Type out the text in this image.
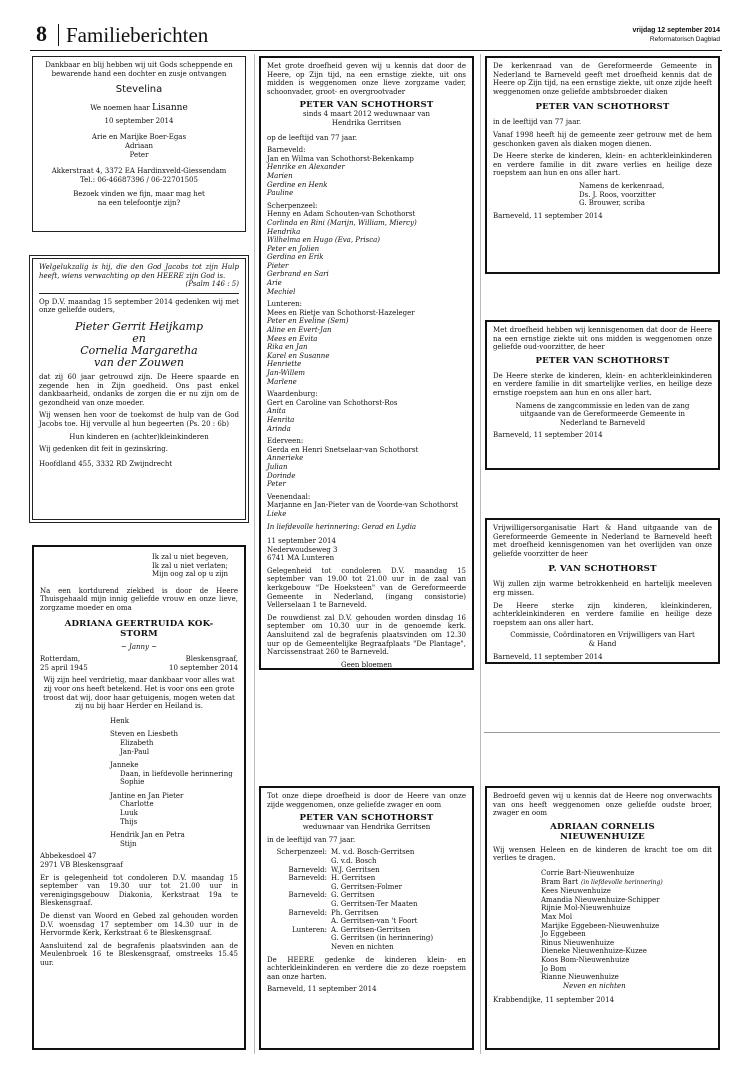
8 Familieberichten	vrijdag 12 september 2014
Reformatorisch Dagblad
Dankbaar en blij hebben wij uit Gods scheppende en bewarende hand een dochter en zusje ontvangen
Stevelina
We noemen haar Lisanne
10 september 2014
Arie en Marijke Boer-Egas
Adriaan
Peter
Akkerstraat 4, 3372 EA Hardinxveld-Giessendam
Tel.: 06-46687396 / 06-22701505
Bezoek vinden we fijn, maar mag het na een telefoontje zijn?
Welgelukzalig is hij, die den God Jacobs tot zijn Hulp heeft, wiens verwachting op den HEERE zijn God is.
(Psalm 146 : 5)
Op D.V. maandag 15 september 2014 gedenken wij met onze geliefde ouders,
Pieter Gerrit Heijkamp
en
Cornelia Margaretha
van der Zouwen
dat zij 60 jaar getrouwd zijn. De Heere spaarde en zegende hen in Zijn goedheid. Ons past enkel dankbaarheid, ondanks de zorgen die er nu zijn om de gezondheid van onze moeder.
Wij wensen hen voor de toekomst de hulp van de God Jacobs toe. Hij vervulle al hun begeerten (Ps. 20 : 6b)
Hun kinderen en (achter)kleinkinderen
Wij gedenken dit feit in gezinskring.
Hoofdland 455, 3332 RD Zwijndrecht
Ik zal u niet begeven,
Ik zal u niet verlaten;
Mijn oog zal op u zijn
Na een kortdurend ziekbed is door de Heere Thuisgehaald mijn innig geliefde vrouw en onze lieve, zorgzame moeder en oma
ADRIANA GEERTRUIDA KOK-STORM
~ Janny ~
Rotterdam,
25 april 1945
Bleskensgraaf,
10 september 2014
Wij zijn heel verdrietig, maar dankbaar voor alles wat zij voor ons heeft betekend. Het is voor ons een grote troost dat wij, door haar getuigenis, mogen weten dat zij nu bij haar Herder en Heiland is.
Henk
Steven en Liesbeth
Elizabeth
Jan-Paul
Janneke
Daan, in liefdevolle herinnering
Sophie
Jantine en Jan Pieter
Charlotte
Luuk
Thijs
Hendrik Jan en Petra
Stijn
Abbekesdoel 47
2971 VB Bleskensgraaf
Er is gelegenheid tot condoleren D.V. maandag 15 september van 19.30 uur tot 21.00 uur in verenigingsgebouw Diakonia, Kerkstraat 19a te Bleskensgraaf.
De dienst van Woord en Gebed zal gehouden worden D.V. woensdag 17 september om 14.30 uur in de Hervormde Kerk, Kerkstraat 6 te Bleskensgraaf.
Aansluitend zal de begrafenis plaatsvinden aan de Meulenbroek 16 te Bleskensgraaf, omstreeks 15.45 uur.
Met grote droefheid geven wij u kennis dat door de Heere, op Zijn tijd, na een ernstige ziekte, uit ons midden is weggenomen onze lieve zorgzame vader, schoonvader, groot- en overgrootvader
PETER VAN SCHOTHORST
sinds 4 maart 2012 weduwnaar van
Hendrika Gerritsen
op de leeftijd van 77 jaar.
Barneveld:
Jan en Wilma van Schothorst-Bekenkamp
Henrike en Alexander
Marien
Gerdine en Henk
Pauline
Scherpenzeel:
Henny en Adam Schouten-van Schothorst
Corlinda en Rini (Marijn, William, Miercy)
Hendrika
Wilhelma en Hugo (Eva, Prisca)
Peter en Jolien
Gerdina en Erik
Pieter
Gerbrand en Sari
Arie
Mechiel
Lunteren:
Mees en Rietje van Schothorst-Hazeleger
Peter en Eveline (Sem)
Aline en Evert-Jan
Mees en Evita
Rika en Jan
Karel en Susanne
Henriette
Jan-Willem
Marlene
Waardenburg:
Gert en Caroline van Schothorst-Ros
Anita
Henrita
Arinda
Ederveen:
Gerda en Henri Snetselaar-van Schothorst
Annerieke
Julian
Dorinde
Peter
Veenendaal:
Marjanne en Jan-Pieter van de Voorde-van Schothorst
Lieke
In liefdevolle herinnering: Gerad en Lydia
11 september 2014
Nederwoudseweg 3
6741 MA Lunteren
Gelegenheid tot condoleren D.V. maandag 15 september van 19.00 tot 21.00 uur in de zaal van kerkgebouw "De Hoeksteen" van de Gereformeerde Gemeente in Nederland, (ingang consistorie) Vellerselaan 1 te Barneveld.
De rouwdienst zal D.V. gehouden worden dinsdag 16 september om 10.30 uur in de genoemde kerk. Aansluitend zal de begrafenis plaatsvinden om 12.30 uur op de Gemeentelijke Begraafplaats "De Plantage", Narcissenstraat 260 te Barneveld.
Geen bloemen
Tot onze diepe droefheid is door de Heere van onze zijde weggenomen, onze geliefde zwager en oom
PETER VAN SCHOTHORST
weduwnaar van Hendrika Gerritsen
in de leeftijd van 77 jaar.
Scherpenzeel:	M. v.d. Bosch-Gerritsen
	G. v.d. Bosch
Barneveld:	W.J. Gerritsen
Barneveld:	H. Gerritsen
	G. Gerritsen-Folmer
Barneveld:	G. Gerritsen
	G. Gerritsen-Ter Maaten
Barneveld:	Ph. Gerritsen
	A. Gerritsen-van 't Foort
Lunteren:	A. Gerritsen-Gerritsen
	G. Gerritsen (in herinnering)
	Neven en nichten
De HEERE gedenke de kinderen klein- en achterkleinkinderen en verdere die zo deze roepstem aan onze harten.
Barneveld, 11 september 2014
De kerkenraad van de Gereformeerde Gemeente in Nederland te Barneveld geeft met droefheid kennis dat de Heere op Zijn tijd, na een ernstige ziekte, uit onze zijde heeft weggenomen onze geliefde ambtsbroeder diaken
PETER VAN SCHOTHORST
in de leeftijd van 77 jaar.
Vanaf 1998 heeft hij de gemeente zeer getrouw met de hem geschonken gaven als diaken mogen dienen.
De Heere sterke de kinderen, klein- en achterkleinkinderen en verdere familie in dit zware verlies en heilige deze roepstem aan hun en ons aller hart.
Namens de kerkenraad,
Ds. J. Roos, voorzitter
G. Brouwer, scriba
Barneveld, 11 september 2014
Met droefheid hebben wij kennisgenomen dat door de Heere na een ernstige ziekte uit ons midden is weggenomen onze geliefde oud-voorzitter, de heer
PETER VAN SCHOTHORST
De Heere sterke de kinderen, klein- en achterkleinkinderen en verdere familie in dit smartelijke verlies, en heilige deze ernstige roepstem aan hun en ons aller hart.
Namens de zangcommissie en leden van de zang uitgaande van de Gereformeerde Gemeente in Nederland te Barneveld
Barneveld, 11 september 2014
Vrijwilligersorganisatie Hart & Hand uitgaande van de Gereformeerde Gemeente in Nederland te Barneveld heeft met droefheid kennisgenomen van het overlijden van onze geliefde voorzitter de heer
P. VAN SCHOTHORST
Wij zullen zijn warme betrokkenheid en hartelijk meeleven erg missen.
De Heere sterke zijn kinderen, kleinkinderen, achterkleinkinderen en verdere familie en heilige deze roepstem aan ons aller hart.
Commissie, Coördinatoren en Vrijwilligers van Hart & Hand
Barneveld, 11 september 2014
Bedroefd geven wij u kennis dat de Heere nog onverwachts van ons heeft weggenomen onze geliefde oudste broer, zwager en oom
ADRIAAN CORNELIS
NIEUWENHUIZE
Wij wensen Heleen en de kinderen de kracht toe om dit verlies te dragen.
Corrie Bart-Nieuwenhuize
Bram Bart (in liefdevolle herinnering)
Kees Nieuwenhuize
Amandia Nieuwenhuize-Schipper
Rijnie Mol-Nieuwenhuize
Max Mol
Marijke Eggebeen-Nieuwenhuize
Jo Eggebeen
Rinus Nieuwenhuize
Dieneke Nieuwenhuize-Kuzee
Koos Bom-Nieuwenhuize
Jo Bom
Rianne Nieuwenhuize
Neven en nichten
Krabbendijke, 11 september 2014
